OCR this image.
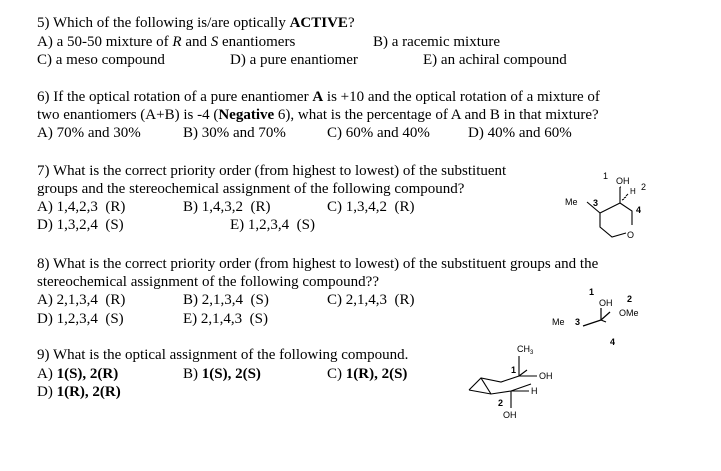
5) Which of the following is/are optically ACTIVE?

A) a 50-50 mixture of R and S enantiomers

	B) a racemic mixture

C) a meso compound

	D) a pure enantiomer

	E) an achiral compound

6) If the optical rotation of a pure enantiomer A is +10 and the optical rotation of a mixture of

two enantiomers (A+B) is -4 (Negative 6), what is the percentage of A and B in that mixture?

A) 70% and 30%

	B) 30% and 70%

	C) 60% and 40%

	D) 40% and 60%

7) What is the correct priority order (from highest to lowest) of the substituent

groups and the stereochemical assignment of the following compound?

A) 1,4,2,3  (R)

	B) 1,4,3,2  (R)

	C) 1,3,4,2  (R)

D) 1,3,2,4  (S)

	E) 1,2,3,4  (S)

1 OH
2
H
Me 3
4
O

8) What is the correct priority order (from highest to lowest) of the substituent groups and the

stereochemical assignment of the following compound??

A) 2,1,3,4  (R)

	B) 2,1,3,4  (S)

	C) 2,1,4,3  (R)

D) 1,2,3,4  (S)

	E) 2,1,4,3  (S)

1
OH 2
OMe
Me 3
4

9) What is the optical assignment of the following compound.

A) 1(S), 2(R)

	B) 1(S), 2(S)

	C) 1(R), 2(S)

D) 1(R), 2(R)

$CH_3$
1
OH
H
2
OH
